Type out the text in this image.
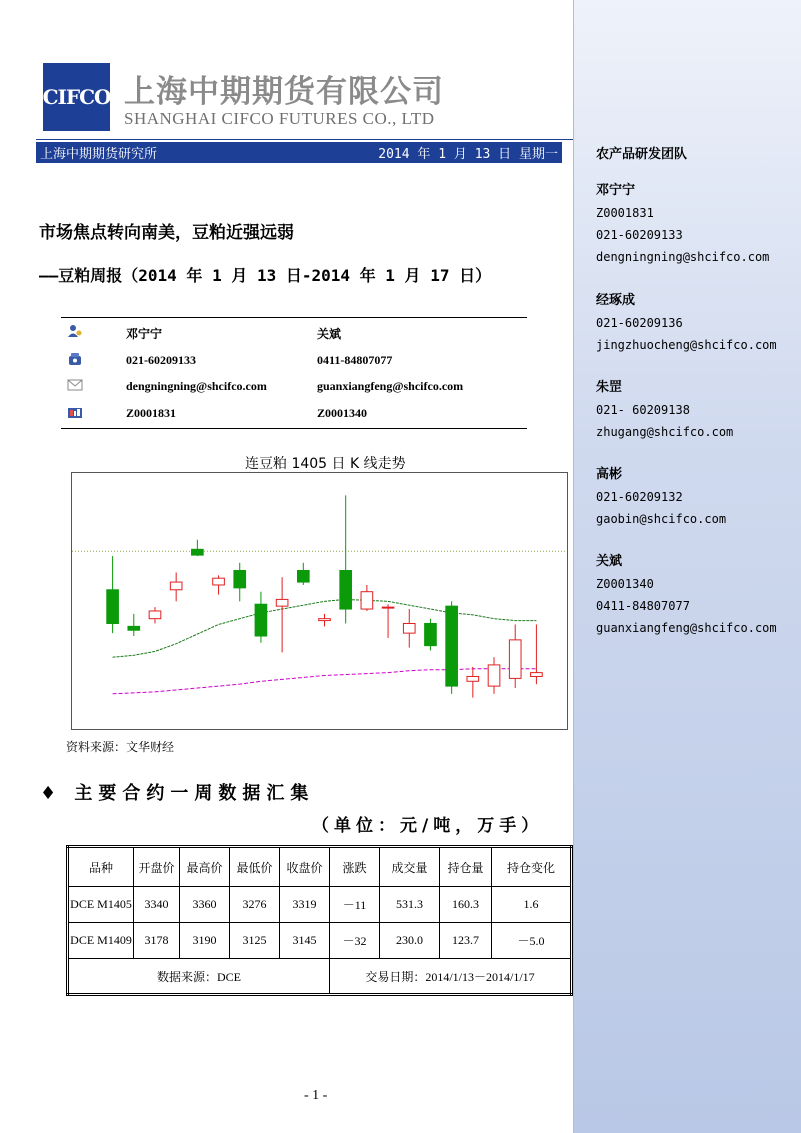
农产品研发团队
邓宁宁
Z0001831
021-60209133
dengningning@shcifco.com
经琢成
021-60209136
jingzhuocheng@shcifco.com
朱罡
021- 60209138
zhugang@shcifco.com
高彬
021-60209132
gaobin@shcifco.com
关斌
Z0001340
0411-84807077
guanxiangfeng@shcifco.com
CIFCO 上海中期期货有限公司
SHANGHAI CIFCO FUTURES CO., LTD
上海中期期货研究所	2014 年 1 月 13 日 星期一
市场焦点转向南美，豆粕近强远弱
——豆粕周报（2014 年 1 月 13 日-2014 年 1 月 17 日）
邓宁宁	关斌
021-60209133	0411-84807077
dengningning@shcifco.com	guanxiangfeng@shcifco.com
Z0001831	Z0001340
连豆粕 1405 日 K 线走势
资料来源：文华财经
♦ 主要合约一周数据汇集
（单位：元/吨，万手）
品种	开盘价	最高价	最低价	收盘价	涨跌	成交量	持仓量	持仓变化
DCE M1405	3340	3360	3276	3319	－11	531.3	160.3	1.6
DCE M1409	3178	3190	3125	3145	－32	230.0	123.7	－5.0
数据来源：DCE					交易日期：2014/1/13－2014/1/17			
- 1 -
